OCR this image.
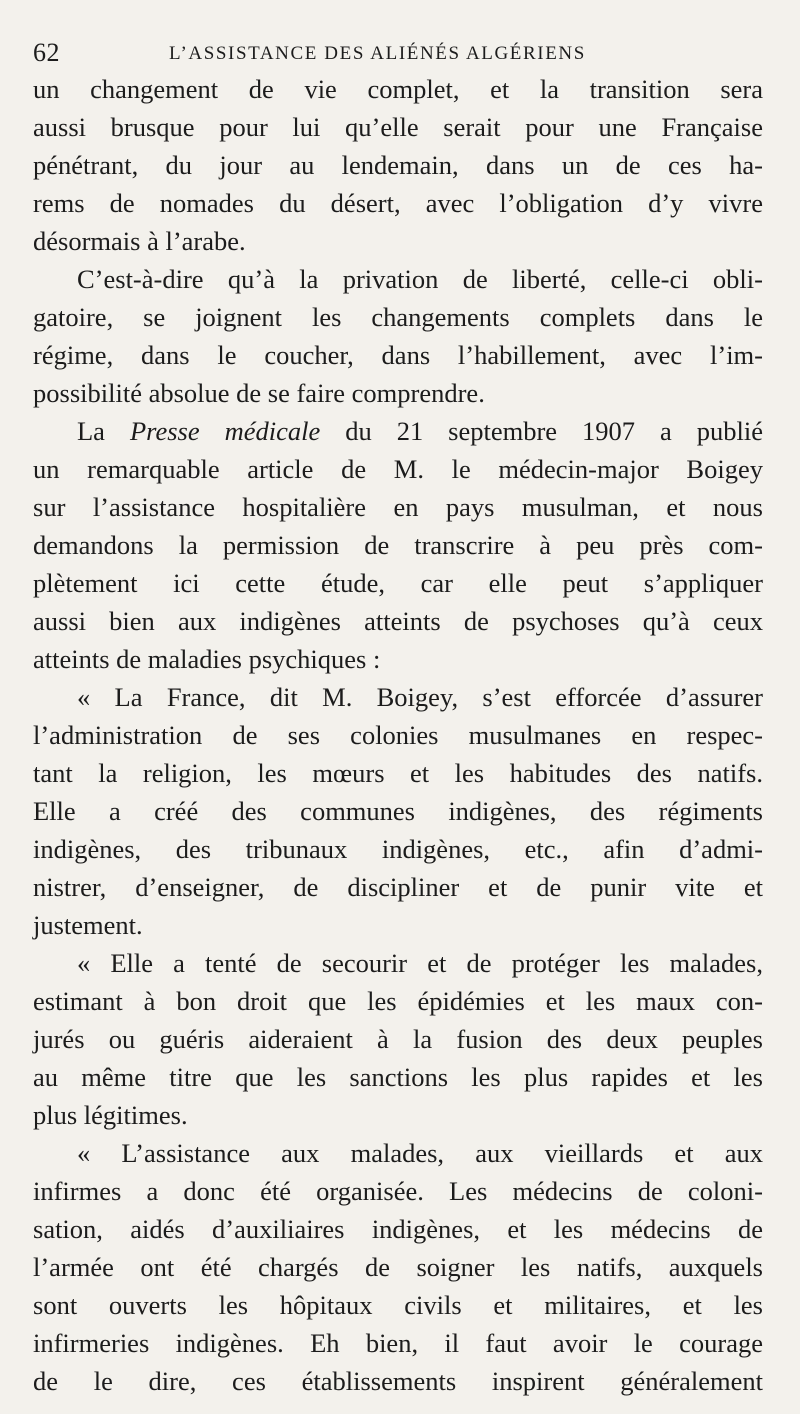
62	L’ASSISTANCE DES ALIÉNÉS ALGÉRIENS
un changement de vie complet, et la transition sera
aussi brusque pour lui qu’elle serait pour une Française
pénétrant, du jour au lendemain, dans un de ces ha-
rems de nomades du désert, avec l’obligation d’y vivre
désormais à l’arabe.
C’est-à-dire qu’à la privation de liberté, celle-ci obli-
gatoire, se joignent les changements complets dans le
régime, dans le coucher, dans l’habillement, avec l’im-
possibilité absolue de se faire comprendre.
La Presse médicale du 21 septembre 1907 a publié
un remarquable article de M. le médecin-major Boigey
sur l’assistance hospitalière en pays musulman, et nous
demandons la permission de transcrire à peu près com-
plètement ici cette étude, car elle peut s’appliquer
aussi bien aux indigènes atteints de psychoses qu’à ceux
atteints de maladies psychiques :
« La France, dit M. Boigey, s’est efforcée d’assurer
l’administration de ses colonies musulmanes en respec-
tant la religion, les mœurs et les habitudes des natifs.
Elle a créé des communes indigènes, des régiments
indigènes, des tribunaux indigènes, etc., afin d’admi-
nistrer, d’enseigner, de discipliner et de punir vite et
justement.
« Elle a tenté de secourir et de protéger les malades,
estimant à bon droit que les épidémies et les maux con-
jurés ou guéris aideraient à la fusion des deux peuples
au même titre que les sanctions les plus rapides et les
plus légitimes.
« L’assistance aux malades, aux vieillards et aux
infirmes a donc été organisée. Les médecins de coloni-
sation, aidés d’auxiliaires indigènes, et les médecins de
l’armée ont été chargés de soigner les natifs, auxquels
sont ouverts les hôpitaux civils et militaires, et les
infirmeries indigènes. Eh bien, il faut avoir le courage
de le dire, ces établissements inspirent généralement
